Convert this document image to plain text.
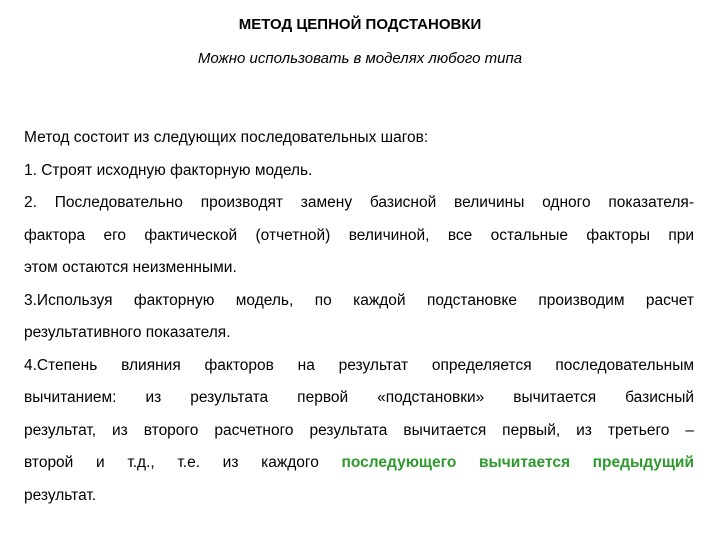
МЕТОД ЦЕПНОЙ ПОДСТАНОВКИ
Можно использовать в моделях любого типа
Метод состоит из следующих последовательных шагов:
1. Строят исходную факторную модель.
2. Последовательно производят замену базисной величины одного показателя-
фактора его фактической (отчетной) величиной, все остальные факторы при
этом остаются неизменными.
3.Используя факторную модель, по каждой подстановке производим расчет
результативного показателя.
4.Степень влияния факторов на результат определяется последовательным
вычитанием: из результата первой «подстановки» вычитается базисный
результат, из второго расчетного результата вычитается первый, из третьего –
второй и т.д., т.е. из каждого последующего вычитается предыдущий
результат.
